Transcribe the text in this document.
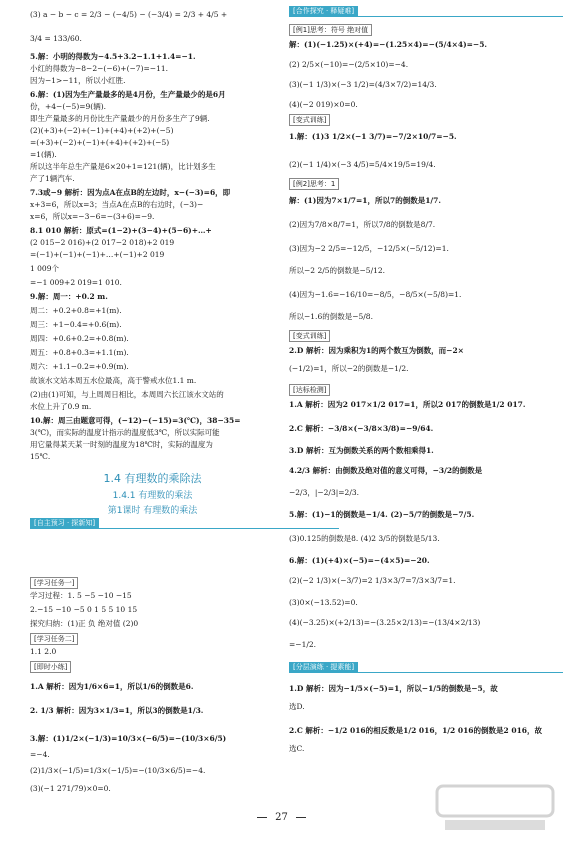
(3) a − b − c = 2/3 − (−4/5) − (−3/4) = 2/3 + 4/5 +
3/4 = 133/60.
5.解：小明的得数为−4.5+3.2−1.1+1.4=−1.
小红的得数为−8−2−(−6)+(−7)=−11.
因为−1>−11，所以小红胜.
6.解：(1)因为生产量最多的是4月份，生产量最少的是6月
份，+4−(−5)=9(辆).
即生产量最多的月份比生产量最少的月份多生产了9辆.
(2)(+3)+(−2)+(−1)+(+4)+(+2)+(−5)
=(+3)+(−2)+(−1)+(+4)+(+2)+(−5)
=1(辆).
所以这半年总生产量是6×20+1=121(辆)，比计划多生
产了1辆汽车.
7.3或−9 解析：因为点A在点B的左边时，x−(−3)=6，即
x+3=6，所以x=3；当点A在点B的右边时，(−3)−
x=6，所以x=−3−6=−(3+6)=−9.
8.1 010 解析：原式=(1−2)+(3−4)+(5−6)+…+
(2 015−2 016)+(2 017−2 018)+2 019
=(−1)+(−1)+(−1)+…+(−1)+2 019
1 009个
=−1 009+2 019=1 010.
9.解：周一：+0.2 m.
周二：+0.2+0.8=+1(m).
周三：+1−0.4=+0.6(m).
周四：+0.6+0.2=+0.8(m).
周五：+0.8+0.3=+1.1(m).
周六：+1.1−0.2=+0.9(m).
故该水文站本周五水位最高，高于警戒水位1.1 m.
(2)由(1)可知，与上周周日相比，本周周六长江该水文站的
水位上升了0.9 m.
10.解：周三由题意可得，(−12)−(−15)=3(℃)，38−35=
3(℃)，而实际的温度计指示的温度低3℃，所以实际可能
用它量得某天某一时刻的温度为18℃时，实际的温度为
15℃.
[学习任务一]
学习过程：1. 5 −5 −10 −15
2.−15 −10 −5 0 1 5 5 10 15
探究归纳：(1)正 负 绝对值 (2)0
[学习任务二]
1.1 2.0
[即时小练]
1.A 解析：因为1/6×6=1，所以1/6的倒数是6.
2. 1/3 解析：因为3×1/3=1，所以3的倒数是1/3.
3.解：(1)1/2×(−1/3)=10/3×(−6/5)=−(10/3×6/5)
=−4.
(2)1/3×(−1/5)=1/3×(−1/5)=−(10/3×6/5)=−4.
(3)(−1 271/79)×0=0.
[例1]思考：符号 绝对值
解：(1)(−1.25)×(+4)=−(1.25×4)=−(5/4×4)=−5.
(2) 2/5×(−10)=−(2/5×10)=−4.
(3)(−1 1/3)×(−3 1/2)=(4/3×7/2)=14/3.
(4)(−2 019)×0=0.
[变式训练]
1.解：(1)3 1/2×(−1 3/7)=−7/2×10/7=−5.
(2)(−1 1/4)×(−3 4/5)=5/4×19/5=19/4.
[例2]思考：1
解：(1)因为7×1/7=1，所以7的倒数是1/7.
(2)因为7/8×8/7=1，所以7/8的倒数是8/7.
(3)因为−2 2/5=−12/5，−12/5×(−5/12)=1.
所以−2 2/5的倒数是−5/12.
(4)因为−1.6=−16/10=−8/5，−8/5×(−5/8)=1.
所以−1.6的倒数是−5/8.
[变式训练]
2.D 解析：因为乘积为1的两个数互为倒数，而−2×
(−1/2)=1，所以−2的倒数是−1/2.
[达标检测]
1.A 解析：因为2 017×1/2 017=1，所以2 017的倒数是1/2 017.
2.C 解析：−3/8×(−3/8×3/8)=−9/64.
3.D 解析：互为倒数关系的两个数相乘得1.
4.2/3 解析：由倒数及绝对值的意义可得，−3/2的倒数是
−2/3，|−2/3|=2/3.
5.解：(1)−1的倒数是−1/4. (2)−5/7的倒数是−7/5.
(3)0.125的倒数是8. (4)2 3/5的倒数是5/13.
6.解：(1)(+4)×(−5)=−(4×5)=−20.
(2)(−2 1/3)×(−3/7)=2 1/3×3/7=7/3×3/7=1.
(3)0×(−13.52)=0.
(4)(−3.25)×(+2/13)=−(3.25×2/13)=−(13/4×2/13)
=−1/2.
1.D 解析：因为−1/5×(−5)=1，所以−1/5的倒数是−5，故
选D.
2.C 解析：−1/2 016的相反数是1/2 016，1/2 016的倒数是2 016，故
选C.
[合作探究 · 释疑难]
1.4 有理数的乘除法
1.4.1 有理数的乘法
第1课时 有理数的乘法
[自主预习 · 探新知]
[分层演练 · 提素能]
27
